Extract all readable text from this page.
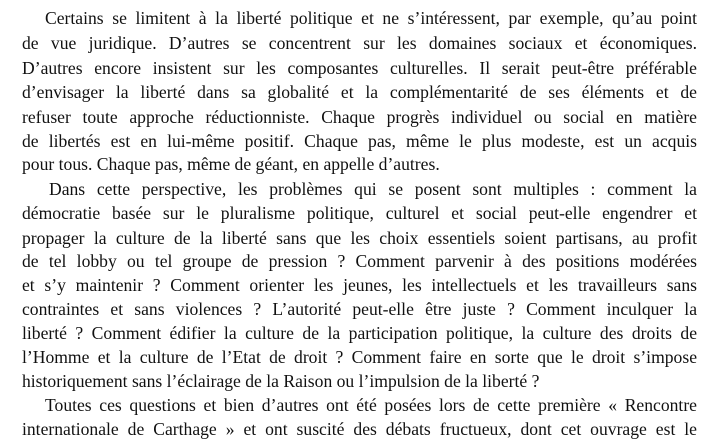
Certains se limitent à la liberté politique et ne s’intéressent, par exemple, qu’au point
de vue juridique. D’autres se concentrent sur les domaines sociaux et économiques.
D’autres encore insistent sur les composantes culturelles. Il serait peut-être préférable
d’envisager la liberté dans sa globalité et la complémentarité de ses éléments et de
refuser toute approche réductionniste. Chaque progrès individuel ou social en matière
de libertés est en lui-même positif. Chaque pas, même le plus modeste, est un acquis
pour tous. Chaque pas, même de géant, en appelle d’autres.
Dans cette perspective, les problèmes qui se posent sont multiples : comment la
démocratie basée sur le pluralisme politique, culturel et social peut-elle engendrer et
propager la culture de la liberté sans que les choix essentiels soient partisans, au profit
de tel lobby ou tel groupe de pression ? Comment parvenir à des positions modérées
et s’y maintenir ? Comment orienter les jeunes, les intellectuels et les travailleurs sans
contraintes et sans violences ? L’autorité peut-elle être juste ? Comment inculquer la
liberté ? Comment édifier la culture de la participation politique, la culture des droits de
l’Homme et la culture de l’Etat de droit ? Comment faire en sorte que le droit s’impose
historiquement sans l’éclairage de la Raison ou l’impulsion de la liberté ?
Toutes ces questions et bien d’autres ont été posées lors de cette première « Rencontre
internationale de Carthage » et ont suscité des débats fructueux, dont cet ouvrage est le
